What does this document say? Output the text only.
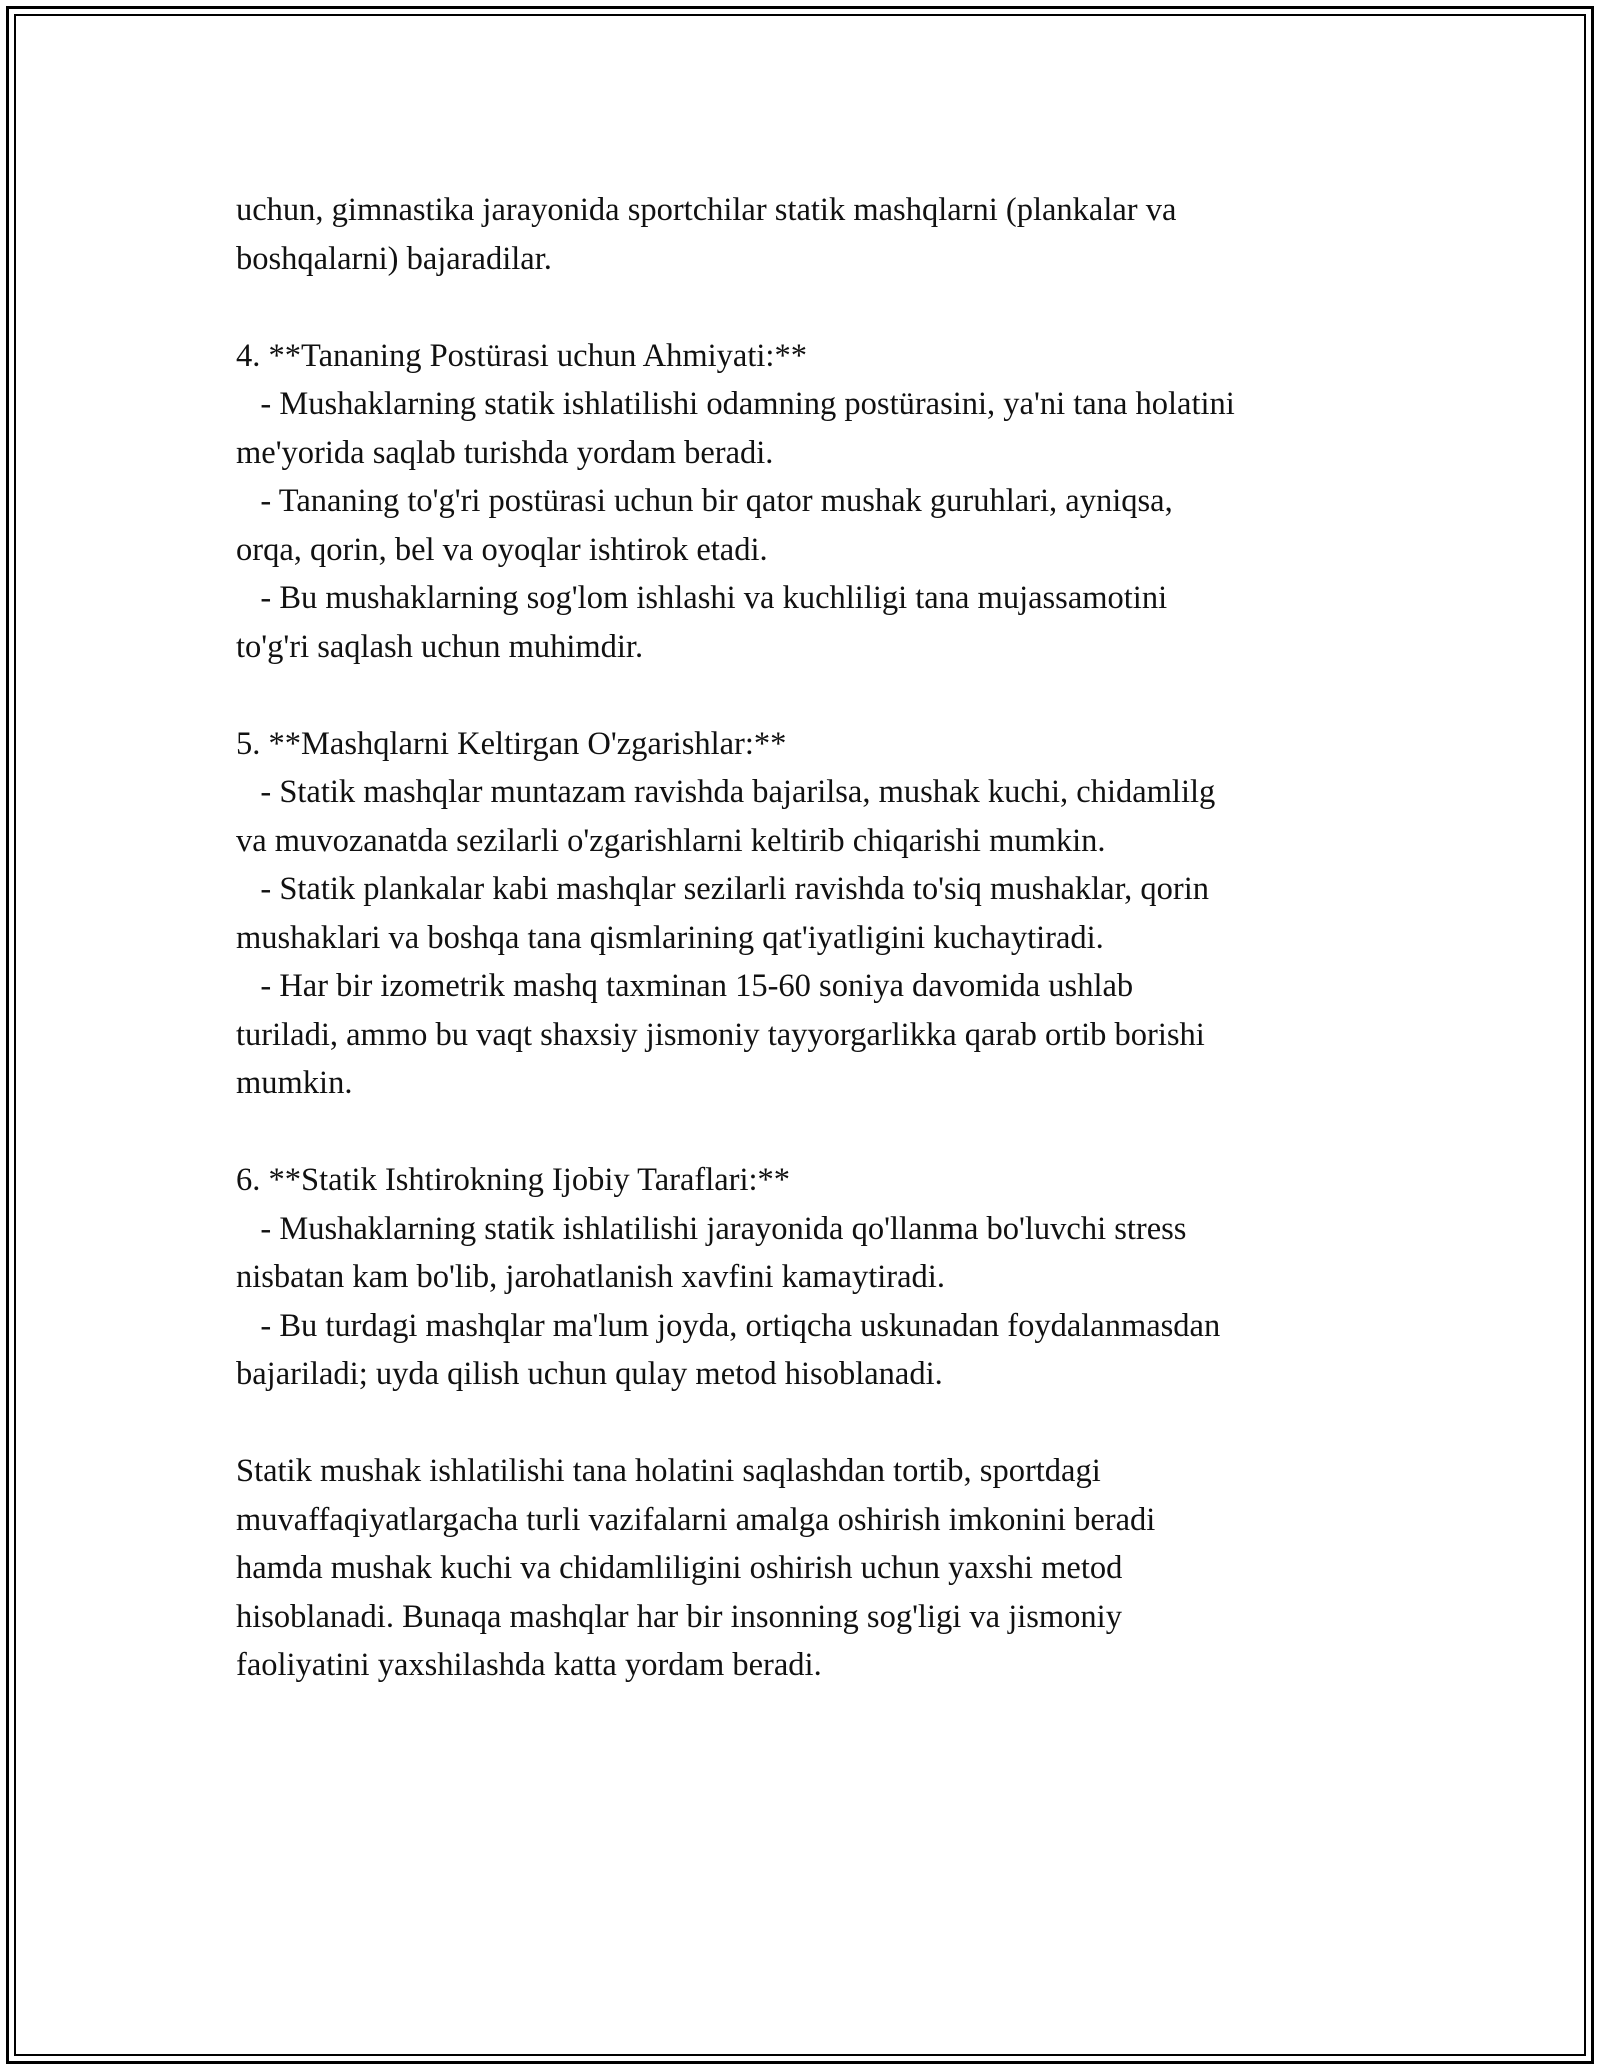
uchun, gimnastika jarayonida sportchilar statik mashqlarni (plankalar va
boshqalarni) bajaradilar.
4. **Tananing Postürasi uchun Ahmiyati:**
- Mushaklarning statik ishlatilishi odamning postürasini, ya'ni tana holatini
me'yorida saqlab turishda yordam beradi.
- Tananing to'g'ri postürasi uchun bir qator mushak guruhlari, ayniqsa,
orqa, qorin, bel va oyoqlar ishtirok etadi.
- Bu mushaklarning sog'lom ishlashi va kuchliligi tana mujassamotini
to'g'ri saqlash uchun muhimdir.
5. **Mashqlarni Keltirgan O'zgarishlar:**
- Statik mashqlar muntazam ravishda bajarilsa, mushak kuchi, chidamlilg
va muvozanatda sezilarli o'zgarishlarni keltirib chiqarishi mumkin.
- Statik plankalar kabi mashqlar sezilarli ravishda to'siq mushaklar, qorin
mushaklari va boshqa tana qismlarining qat'iyatligini kuchaytiradi.
- Har bir izometrik mashq taxminan 15-60 soniya davomida ushlab
turiladi, ammo bu vaqt shaxsiy jismoniy tayyorgarlikka qarab ortib borishi
mumkin.
6. **Statik Ishtirokning Ijobiy Taraflari:**
- Mushaklarning statik ishlatilishi jarayonida qo'llanma bo'luvchi stress
nisbatan kam bo'lib, jarohatlanish xavfini kamaytiradi.
- Bu turdagi mashqlar ma'lum joyda, ortiqcha uskunadan foydalanmasdan
bajariladi; uyda qilish uchun qulay metod hisoblanadi.
Statik mushak ishlatilishi tana holatini saqlashdan tortib, sportdagi
muvaffaqiyatlargacha turli vazifalarni amalga oshirish imkonini beradi
hamda mushak kuchi va chidamliligini oshirish uchun yaxshi metod
hisoblanadi. Bunaqa mashqlar har bir insonning sog'ligi va jismoniy
faoliyatini yaxshilashda katta yordam beradi.
